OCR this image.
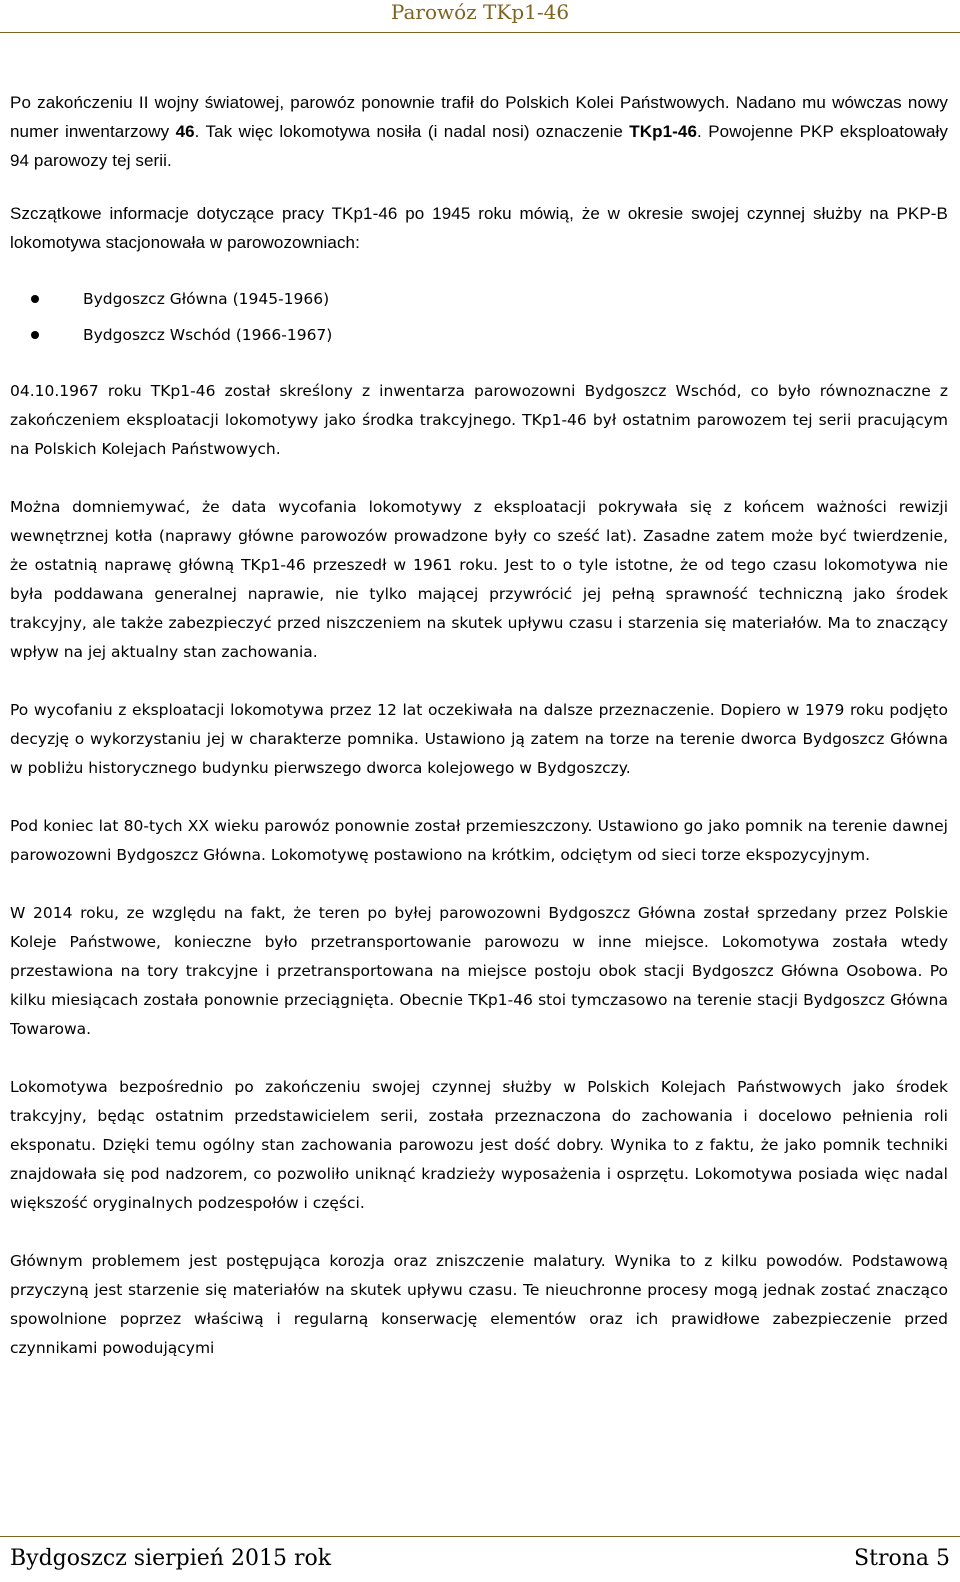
Parowóz TKp1-46

Po zakończeniu II wojny światowej, parowóz ponownie trafił do Polskich Kolei Państwowych. Nadano mu wówczas nowy numer inwentarzowy 46. Tak więc lokomotywa nosiła (i nadal nosi) oznaczenie TKp1-46. Powojenne PKP eksploatowały 94 parowozy tej serii.

Szczątkowe informacje dotyczące pracy TKp1-46 po 1945 roku mówią, że w okresie swojej czynnej służby na PKP-B lokomotywa stacjonowała w parowozowniach:

Bydgoszcz Główna (1945-1966)
Bydgoszcz Wschód (1966-1967)

04.10.1967 roku TKp1-46 został skreślony z inwentarza parowozowni Bydgoszcz Wschód, co było równoznaczne z zakończeniem eksploatacji lokomotywy jako środka trakcyjnego. TKp1-46 był ostatnim parowozem tej serii pracującym na Polskich Kolejach Państwowych.

Można domniemywać, że data wycofania lokomotywy z eksploatacji pokrywała się z końcem ważności rewizji wewnętrznej kotła (naprawy główne parowozów prowadzone były co sześć lat). Zasadne zatem może być twierdzenie, że ostatnią naprawę główną TKp1-46 przeszedł w 1961 roku. Jest to o tyle istotne, że od tego czasu lokomotywa nie była poddawana generalnej naprawie, nie tylko mającej przywrócić jej pełną sprawność techniczną jako środek trakcyjny, ale także zabezpieczyć przed niszczeniem na skutek upływu czasu i starzenia się materiałów. Ma to znaczący wpływ na jej aktualny stan zachowania.

Po wycofaniu z eksploatacji lokomotywa przez 12 lat oczekiwała na dalsze przeznaczenie. Dopiero w 1979 roku podjęto decyzję o wykorzystaniu jej w charakterze pomnika. Ustawiono ją zatem na torze na terenie dworca Bydgoszcz Główna w pobliżu historycznego budynku pierwszego dworca kolejowego w Bydgoszczy.

Pod koniec lat 80-tych XX wieku parowóz ponownie został przemieszczony. Ustawiono go jako pomnik na terenie dawnej parowozowni Bydgoszcz Główna. Lokomotywę postawiono na krótkim, odciętym od sieci torze ekspozycyjnym.

W 2014 roku, ze względu na fakt, że teren po byłej parowozowni Bydgoszcz Główna został sprzedany przez Polskie Koleje Państwowe, konieczne było przetransportowanie parowozu w inne miejsce. Lokomotywa została wtedy przestawiona na tory trakcyjne i przetransportowana na miejsce postoju obok stacji Bydgoszcz Główna Osobowa. Po kilku miesiącach została ponownie przeciągnięta. Obecnie TKp1-46 stoi tymczasowo na terenie stacji Bydgoszcz Główna Towarowa.

Lokomotywa bezpośrednio po zakończeniu swojej czynnej służby w Polskich Kolejach Państwowych jako środek trakcyjny, będąc ostatnim przedstawicielem serii, została przeznaczona do zachowania i docelowo pełnienia roli eksponatu. Dzięki temu ogólny stan zachowania parowozu jest dość dobry. Wynika to z faktu, że jako pomnik techniki znajdowała się pod nadzorem, co pozwoliło uniknąć kradzieży wyposażenia i osprzętu. Lokomotywa posiada więc nadal większość oryginalnych podzespołów i części.

Głównym problemem jest postępująca korozja oraz zniszczenie malatury. Wynika to z kilku powodów. Podstawową przyczyną jest starzenie się materiałów na skutek upływu czasu. Te nieuchronne procesy mogą jednak zostać znacząco spowolnione poprzez właściwą i regularną konserwację elementów oraz ich prawidłowe zabezpieczenie przed czynnikami powodującymi

Bydgoszcz sierpień 2015 rok	Strona 5
